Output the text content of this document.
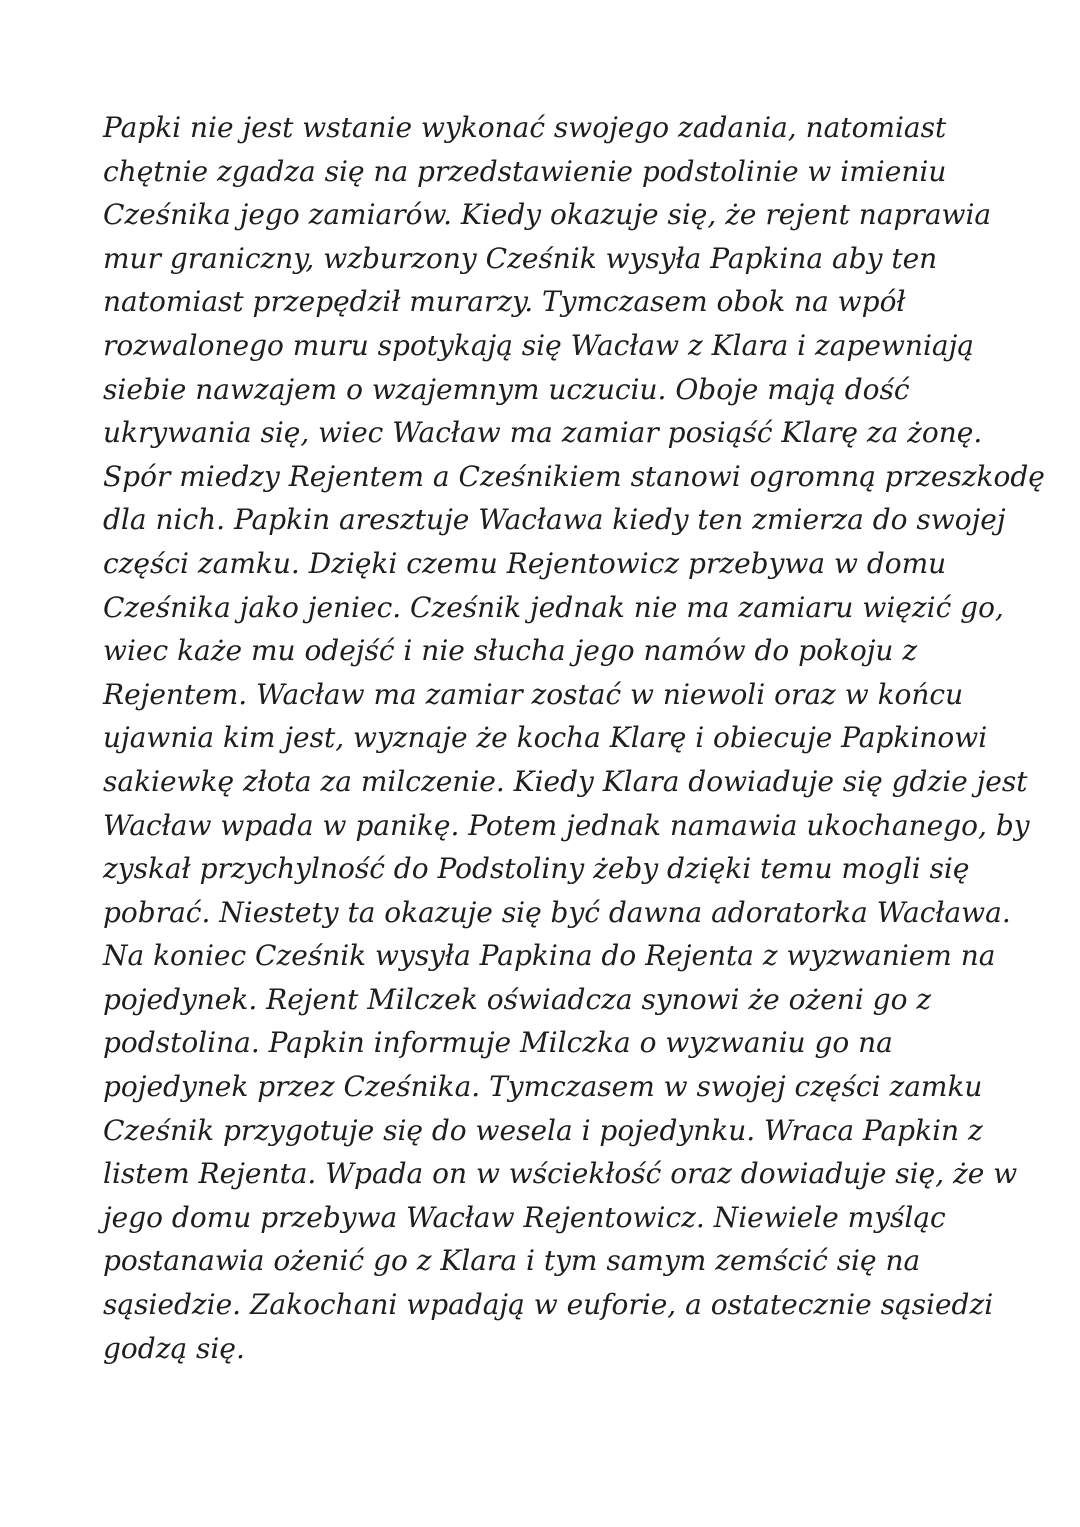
Papki nie jest wstanie wykonać swojego zadania, natomiast
chętnie zgadza się na przedstawienie podstolinie w imieniu
Cześnika jego zamiarów. Kiedy okazuje się, że rejent naprawia
mur graniczny, wzburzony Cześnik wysyła Papkina aby ten
natomiast przepędził murarzy. Tymczasem obok na wpół
rozwalonego muru spotykają się Wacław z Klara i zapewniają
siebie nawzajem o wzajemnym uczuciu. Oboje mają dość
ukrywania się, wiec Wacław ma zamiar posiąść Klarę za żonę.
Spór miedzy Rejentem a Cześnikiem stanowi ogromną przeszkodę
dla nich. Papkin aresztuje Wacława kiedy ten zmierza do swojej
części zamku. Dzięki czemu Rejentowicz przebywa w domu
Cześnika jako jeniec. Cześnik jednak nie ma zamiaru więzić go,
wiec każe mu odejść i nie słucha jego namów do pokoju z
Rejentem. Wacław ma zamiar zostać w niewoli oraz w końcu
ujawnia kim jest, wyznaje że kocha Klarę i obiecuje Papkinowi
sakiewkę złota za milczenie. Kiedy Klara dowiaduje się gdzie jest
Wacław wpada w panikę. Potem jednak namawia ukochanego, by
zyskał przychylność do Podstoliny żeby dzięki temu mogli się
pobrać. Niestety ta okazuje się być dawna adoratorka Wacława.
Na koniec Cześnik wysyła Papkina do Rejenta z wyzwaniem na
pojedynek. Rejent Milczek oświadcza synowi że ożeni go z
podstolina. Papkin informuje Milczka o wyzwaniu go na
pojedynek przez Cześnika. Tymczasem w swojej części zamku
Cześnik przygotuje się do wesela i pojedynku. Wraca Papkin z
listem Rejenta. Wpada on w wściekłość oraz dowiaduje się, że w
jego domu przebywa Wacław Rejentowicz. Niewiele myśląc
postanawia ożenić go z Klara i tym samym zemścić się na
sąsiedzie. Zakochani wpadają w euforie, a ostatecznie sąsiedzi
godzą się.
